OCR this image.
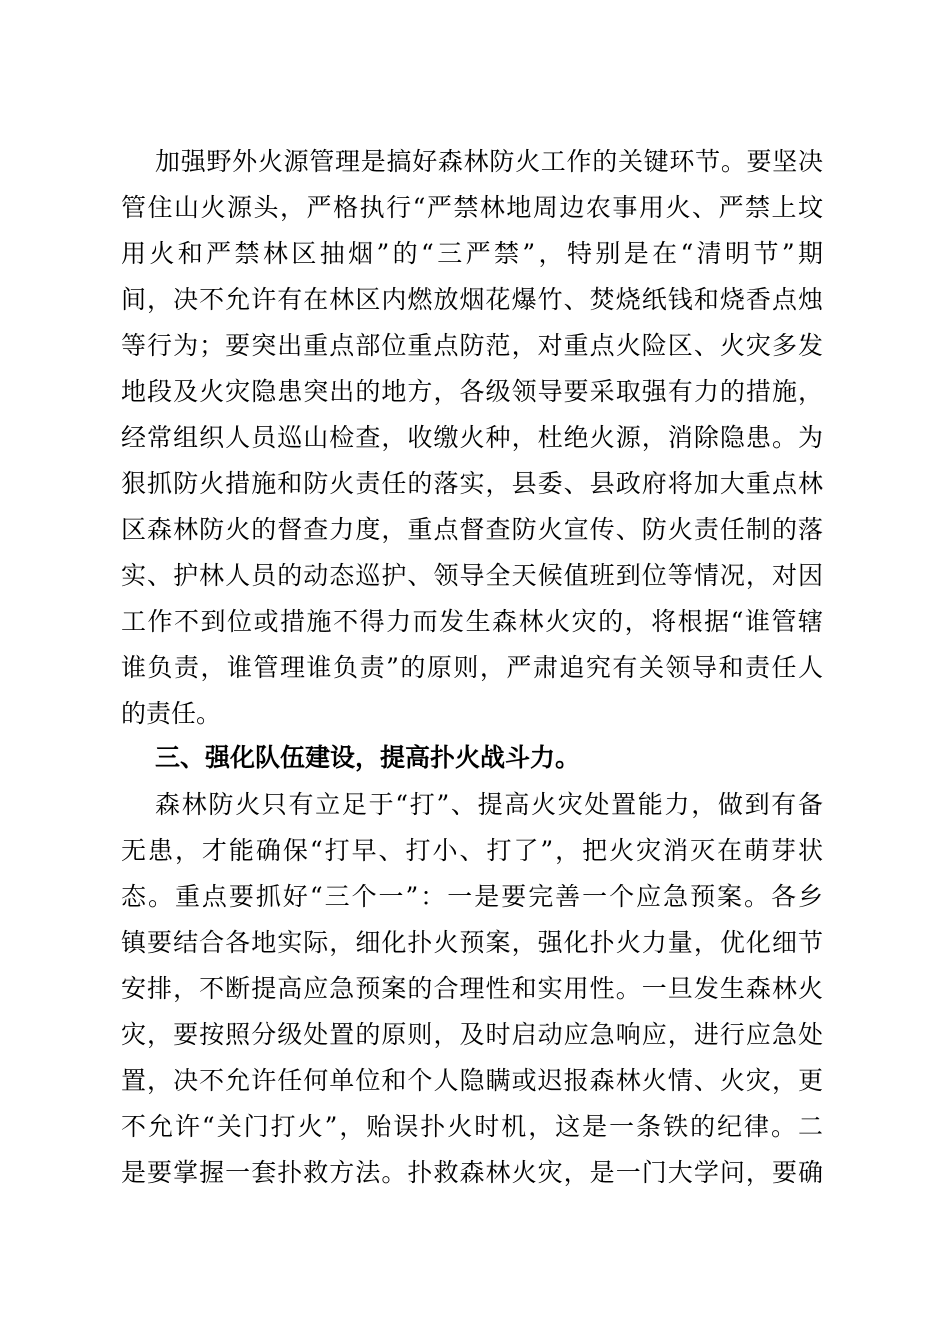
加强野外火源管理是搞好森林防火工作的关键环节。要坚决
管住山火源头，严格执行“严禁林地周边农事用火、严禁上坟
用火和严禁林区抽烟”的“三严禁”，特别是在“清明节”期
间，决不允许有在林区内燃放烟花爆竹、焚烧纸钱和烧香点烛
等行为；要突出重点部位重点防范，对重点火险区、火灾多发
地段及火灾隐患突出的地方，各级领导要采取强有力的措施，
经常组织人员巡山检查，收缴火种，杜绝火源，消除隐患。为
狠抓防火措施和防火责任的落实，县委、县政府将加大重点林
区森林防火的督查力度，重点督查防火宣传、防火责任制的落
实、护林人员的动态巡护、领导全天候值班到位等情况，对因
工作不到位或措施不得力而发生森林火灾的，将根据“谁管辖
谁负责，谁管理谁负责”的原则，严肃追究有关领导和责任人
的责任。
三、强化队伍建设，提高扑火战斗力。
森林防火只有立足于“打”、提高火灾处置能力，做到有备
无患，才能确保“打早、打小、打了”，把火灾消灭在萌芽状
态。重点要抓好“三个一”：一是要完善一个应急预案。各乡
镇要结合各地实际，细化扑火预案，强化扑火力量，优化细节
安排，不断提高应急预案的合理性和实用性。一旦发生森林火
灾，要按照分级处置的原则，及时启动应急响应，进行应急处
置，决不允许任何单位和个人隐瞒或迟报森林火情、火灾，更
不允许“关门打火”，贻误扑火时机，这是一条铁的纪律。二
是要掌握一套扑救方法。扑救森林火灾，是一门大学问，要确
